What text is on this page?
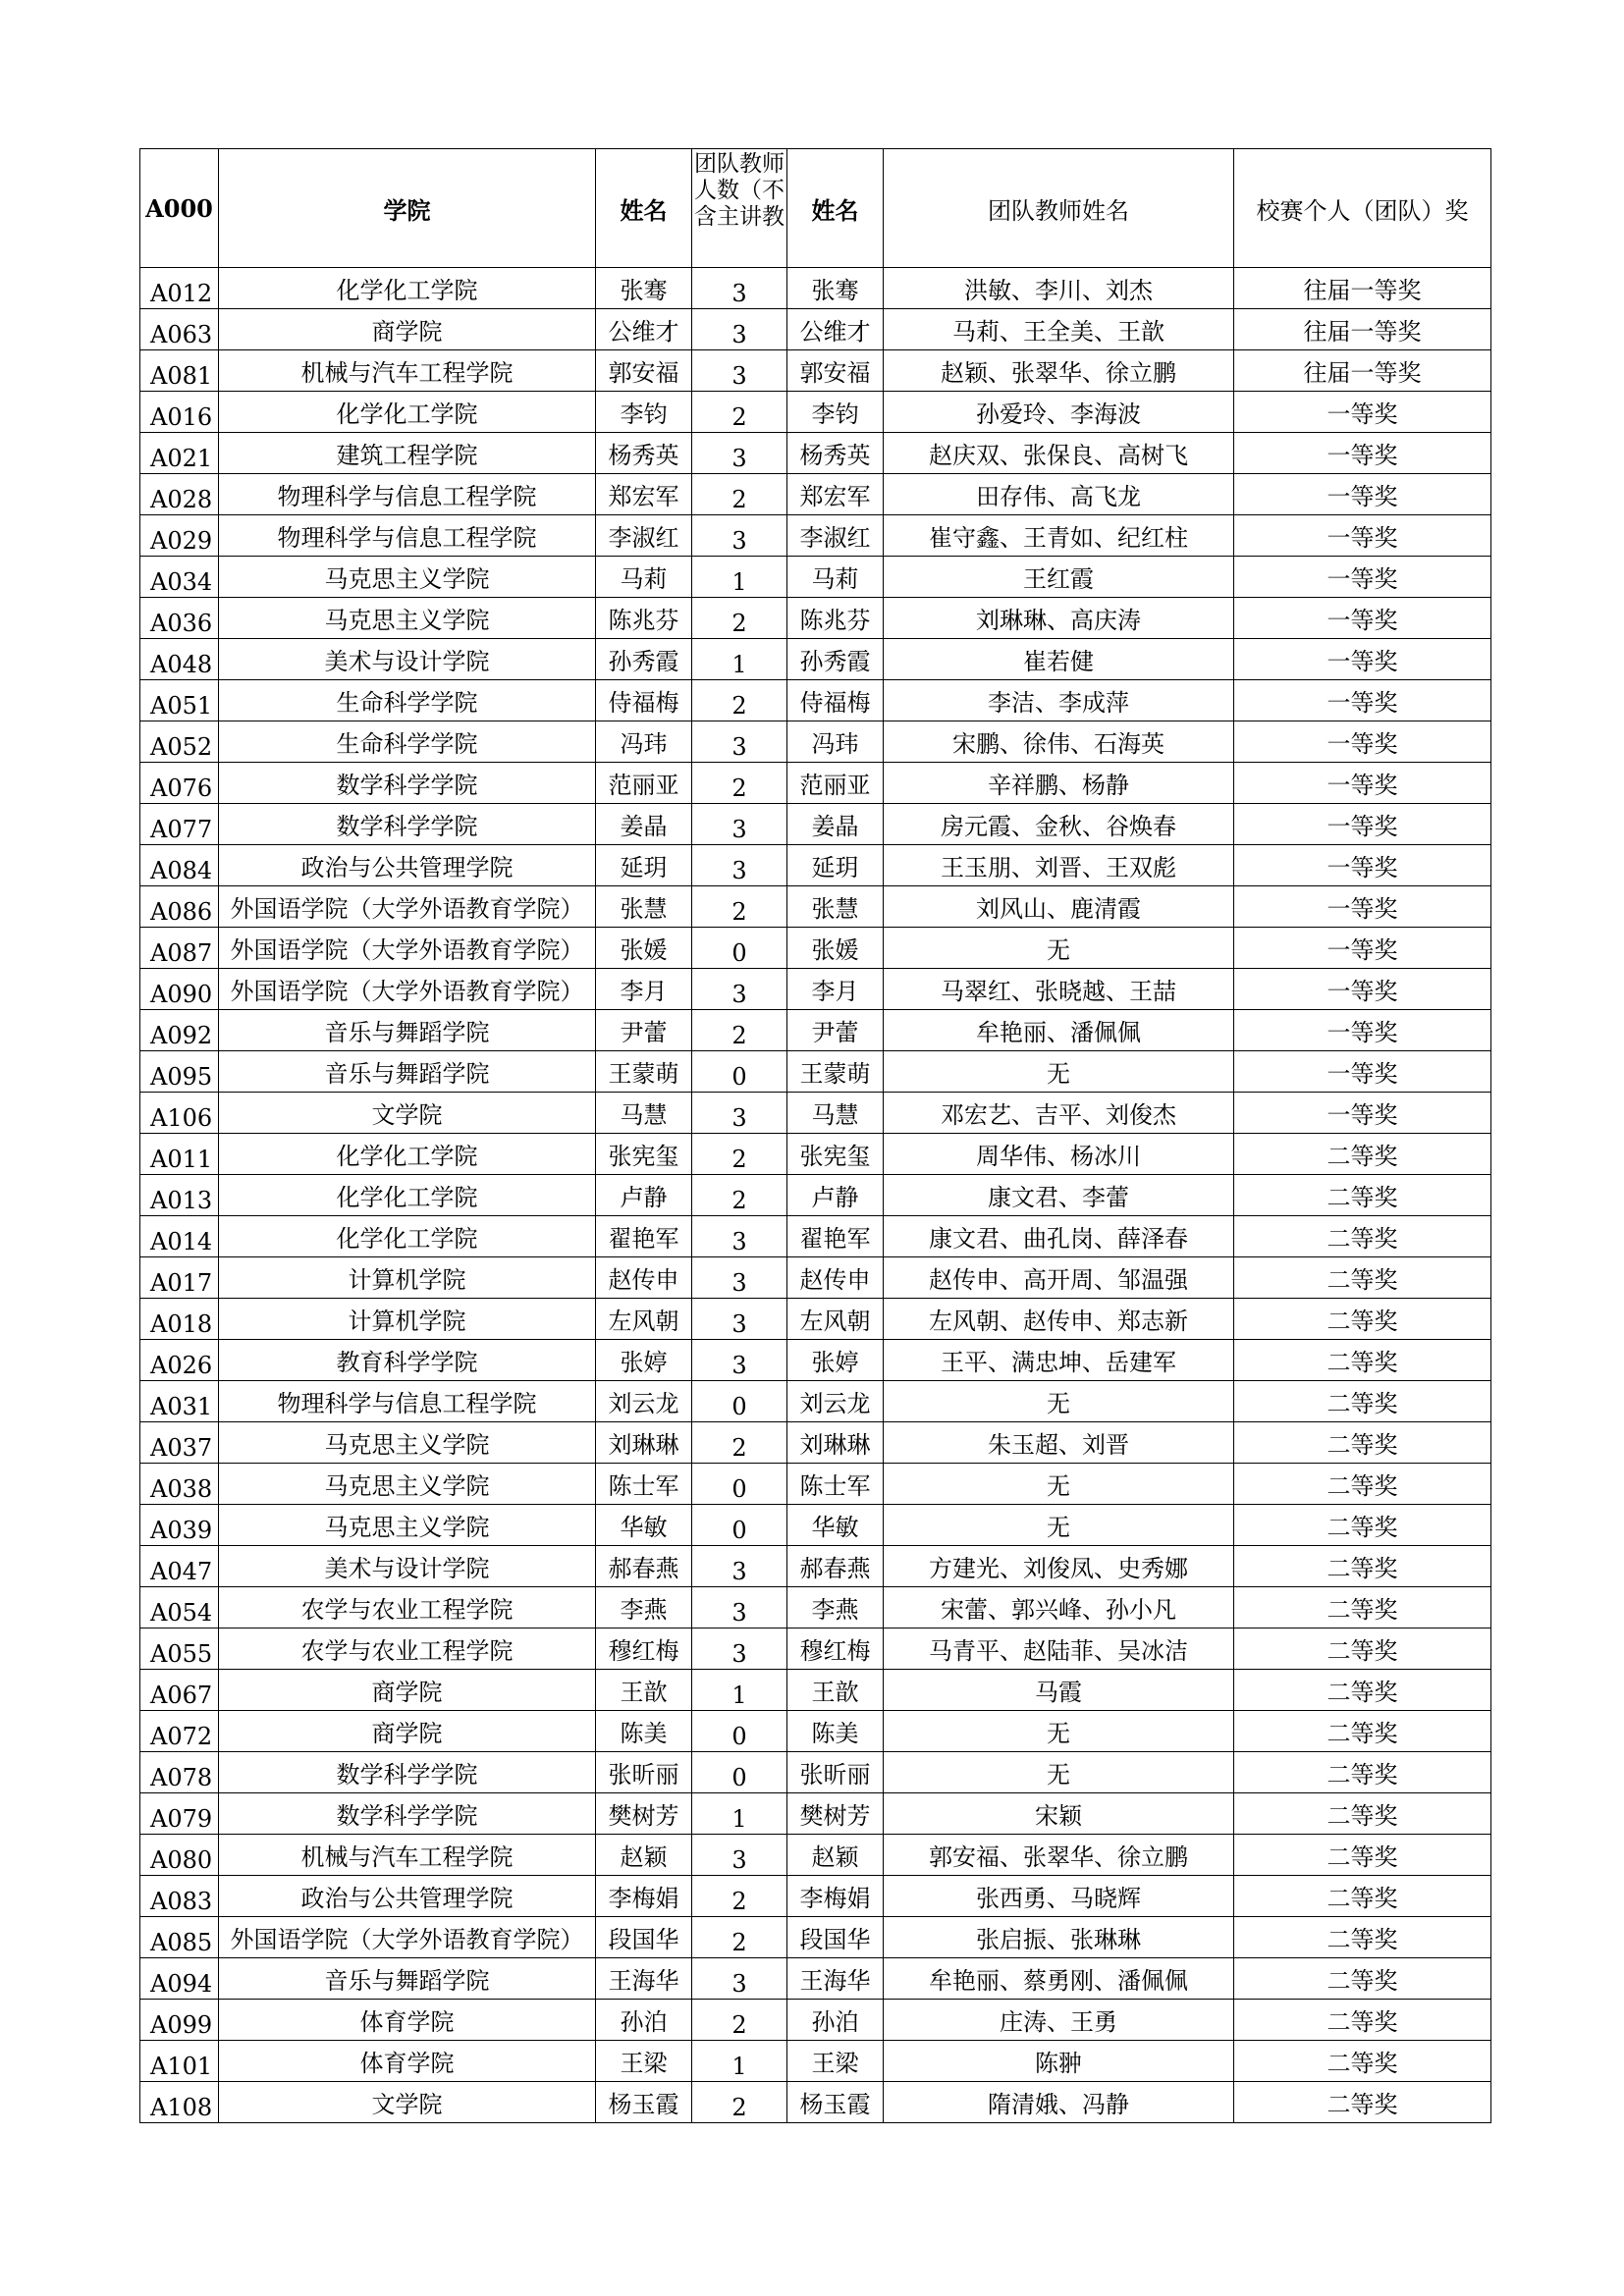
A000	学院	姓名	团队教师人数（不含主讲教	姓名	团队教师姓名	校赛个人（团队）奖
A012	化学化工学院	张骞	3	张骞	洪敏、李川、刘杰	往届一等奖
A063	商学院	公维才	3	公维才	马莉、王全美、王歆	往届一等奖
A081	机械与汽车工程学院	郭安福	3	郭安福	赵颖、张翠华、徐立鹏	往届一等奖
A016	化学化工学院	李钧	2	李钧	孙爱玲、李海波	一等奖
A021	建筑工程学院	杨秀英	3	杨秀英	赵庆双、张保良、高树飞	一等奖
A028	物理科学与信息工程学院	郑宏军	2	郑宏军	田存伟、高飞龙	一等奖
A029	物理科学与信息工程学院	李淑红	3	李淑红	崔守鑫、王青如、纪红柱	一等奖
A034	马克思主义学院	马莉	1	马莉	王红霞	一等奖
A036	马克思主义学院	陈兆芬	2	陈兆芬	刘琳琳、高庆涛	一等奖
A048	美术与设计学院	孙秀霞	1	孙秀霞	崔若健	一等奖
A051	生命科学学院	侍福梅	2	侍福梅	李洁、李成萍	一等奖
A052	生命科学学院	冯玮	3	冯玮	宋鹏、徐伟、石海英	一等奖
A076	数学科学学院	范丽亚	2	范丽亚	辛祥鹏、杨静	一等奖
A077	数学科学学院	姜晶	3	姜晶	房元霞、金秋、谷焕春	一等奖
A084	政治与公共管理学院	延玥	3	延玥	王玉朋、刘晋、王双彪	一等奖
A086	外国语学院（大学外语教育学院）	张慧	2	张慧	刘风山、鹿清霞	一等奖
A087	外国语学院（大学外语教育学院）	张媛	0	张媛	无	一等奖
A090	外国语学院（大学外语教育学院）	李月	3	李月	马翠红、张晓越、王喆	一等奖
A092	音乐与舞蹈学院	尹蕾	2	尹蕾	牟艳丽、潘佩佩	一等奖
A095	音乐与舞蹈学院	王蒙萌	0	王蒙萌	无	一等奖
A106	文学院	马慧	3	马慧	邓宏艺、吉平、刘俊杰	一等奖
A011	化学化工学院	张宪玺	2	张宪玺	周华伟、杨冰川	二等奖
A013	化学化工学院	卢静	2	卢静	康文君、李蕾	二等奖
A014	化学化工学院	翟艳军	3	翟艳军	康文君、曲孔岗、薛泽春	二等奖
A017	计算机学院	赵传申	3	赵传申	赵传申、高开周、邹温强	二等奖
A018	计算机学院	左风朝	3	左风朝	左风朝、赵传申、郑志新	二等奖
A026	教育科学学院	张婷	3	张婷	王平、满忠坤、岳建军	二等奖
A031	物理科学与信息工程学院	刘云龙	0	刘云龙	无	二等奖
A037	马克思主义学院	刘琳琳	2	刘琳琳	朱玉超、刘晋	二等奖
A038	马克思主义学院	陈士军	0	陈士军	无	二等奖
A039	马克思主义学院	华敏	0	华敏	无	二等奖
A047	美术与设计学院	郝春燕	3	郝春燕	方建光、刘俊凤、史秀娜	二等奖
A054	农学与农业工程学院	李燕	3	李燕	宋蕾、郭兴峰、孙小凡	二等奖
A055	农学与农业工程学院	穆红梅	3	穆红梅	马青平、赵陆菲、吴冰洁	二等奖
A067	商学院	王歆	1	王歆	马霞	二等奖
A072	商学院	陈美	0	陈美	无	二等奖
A078	数学科学学院	张昕丽	0	张昕丽	无	二等奖
A079	数学科学学院	樊树芳	1	樊树芳	宋颖	二等奖
A080	机械与汽车工程学院	赵颖	3	赵颖	郭安福、张翠华、徐立鹏	二等奖
A083	政治与公共管理学院	李梅娟	2	李梅娟	张西勇、马晓辉	二等奖
A085	外国语学院（大学外语教育学院）	段国华	2	段国华	张启振、张琳琳	二等奖
A094	音乐与舞蹈学院	王海华	3	王海华	牟艳丽、蔡勇刚、潘佩佩	二等奖
A099	体育学院	孙泊	2	孙泊	庄涛、王勇	二等奖
A101	体育学院	王梁	1	王梁	陈翀	二等奖
A108	文学院	杨玉霞	2	杨玉霞	隋清娥、冯静	二等奖
